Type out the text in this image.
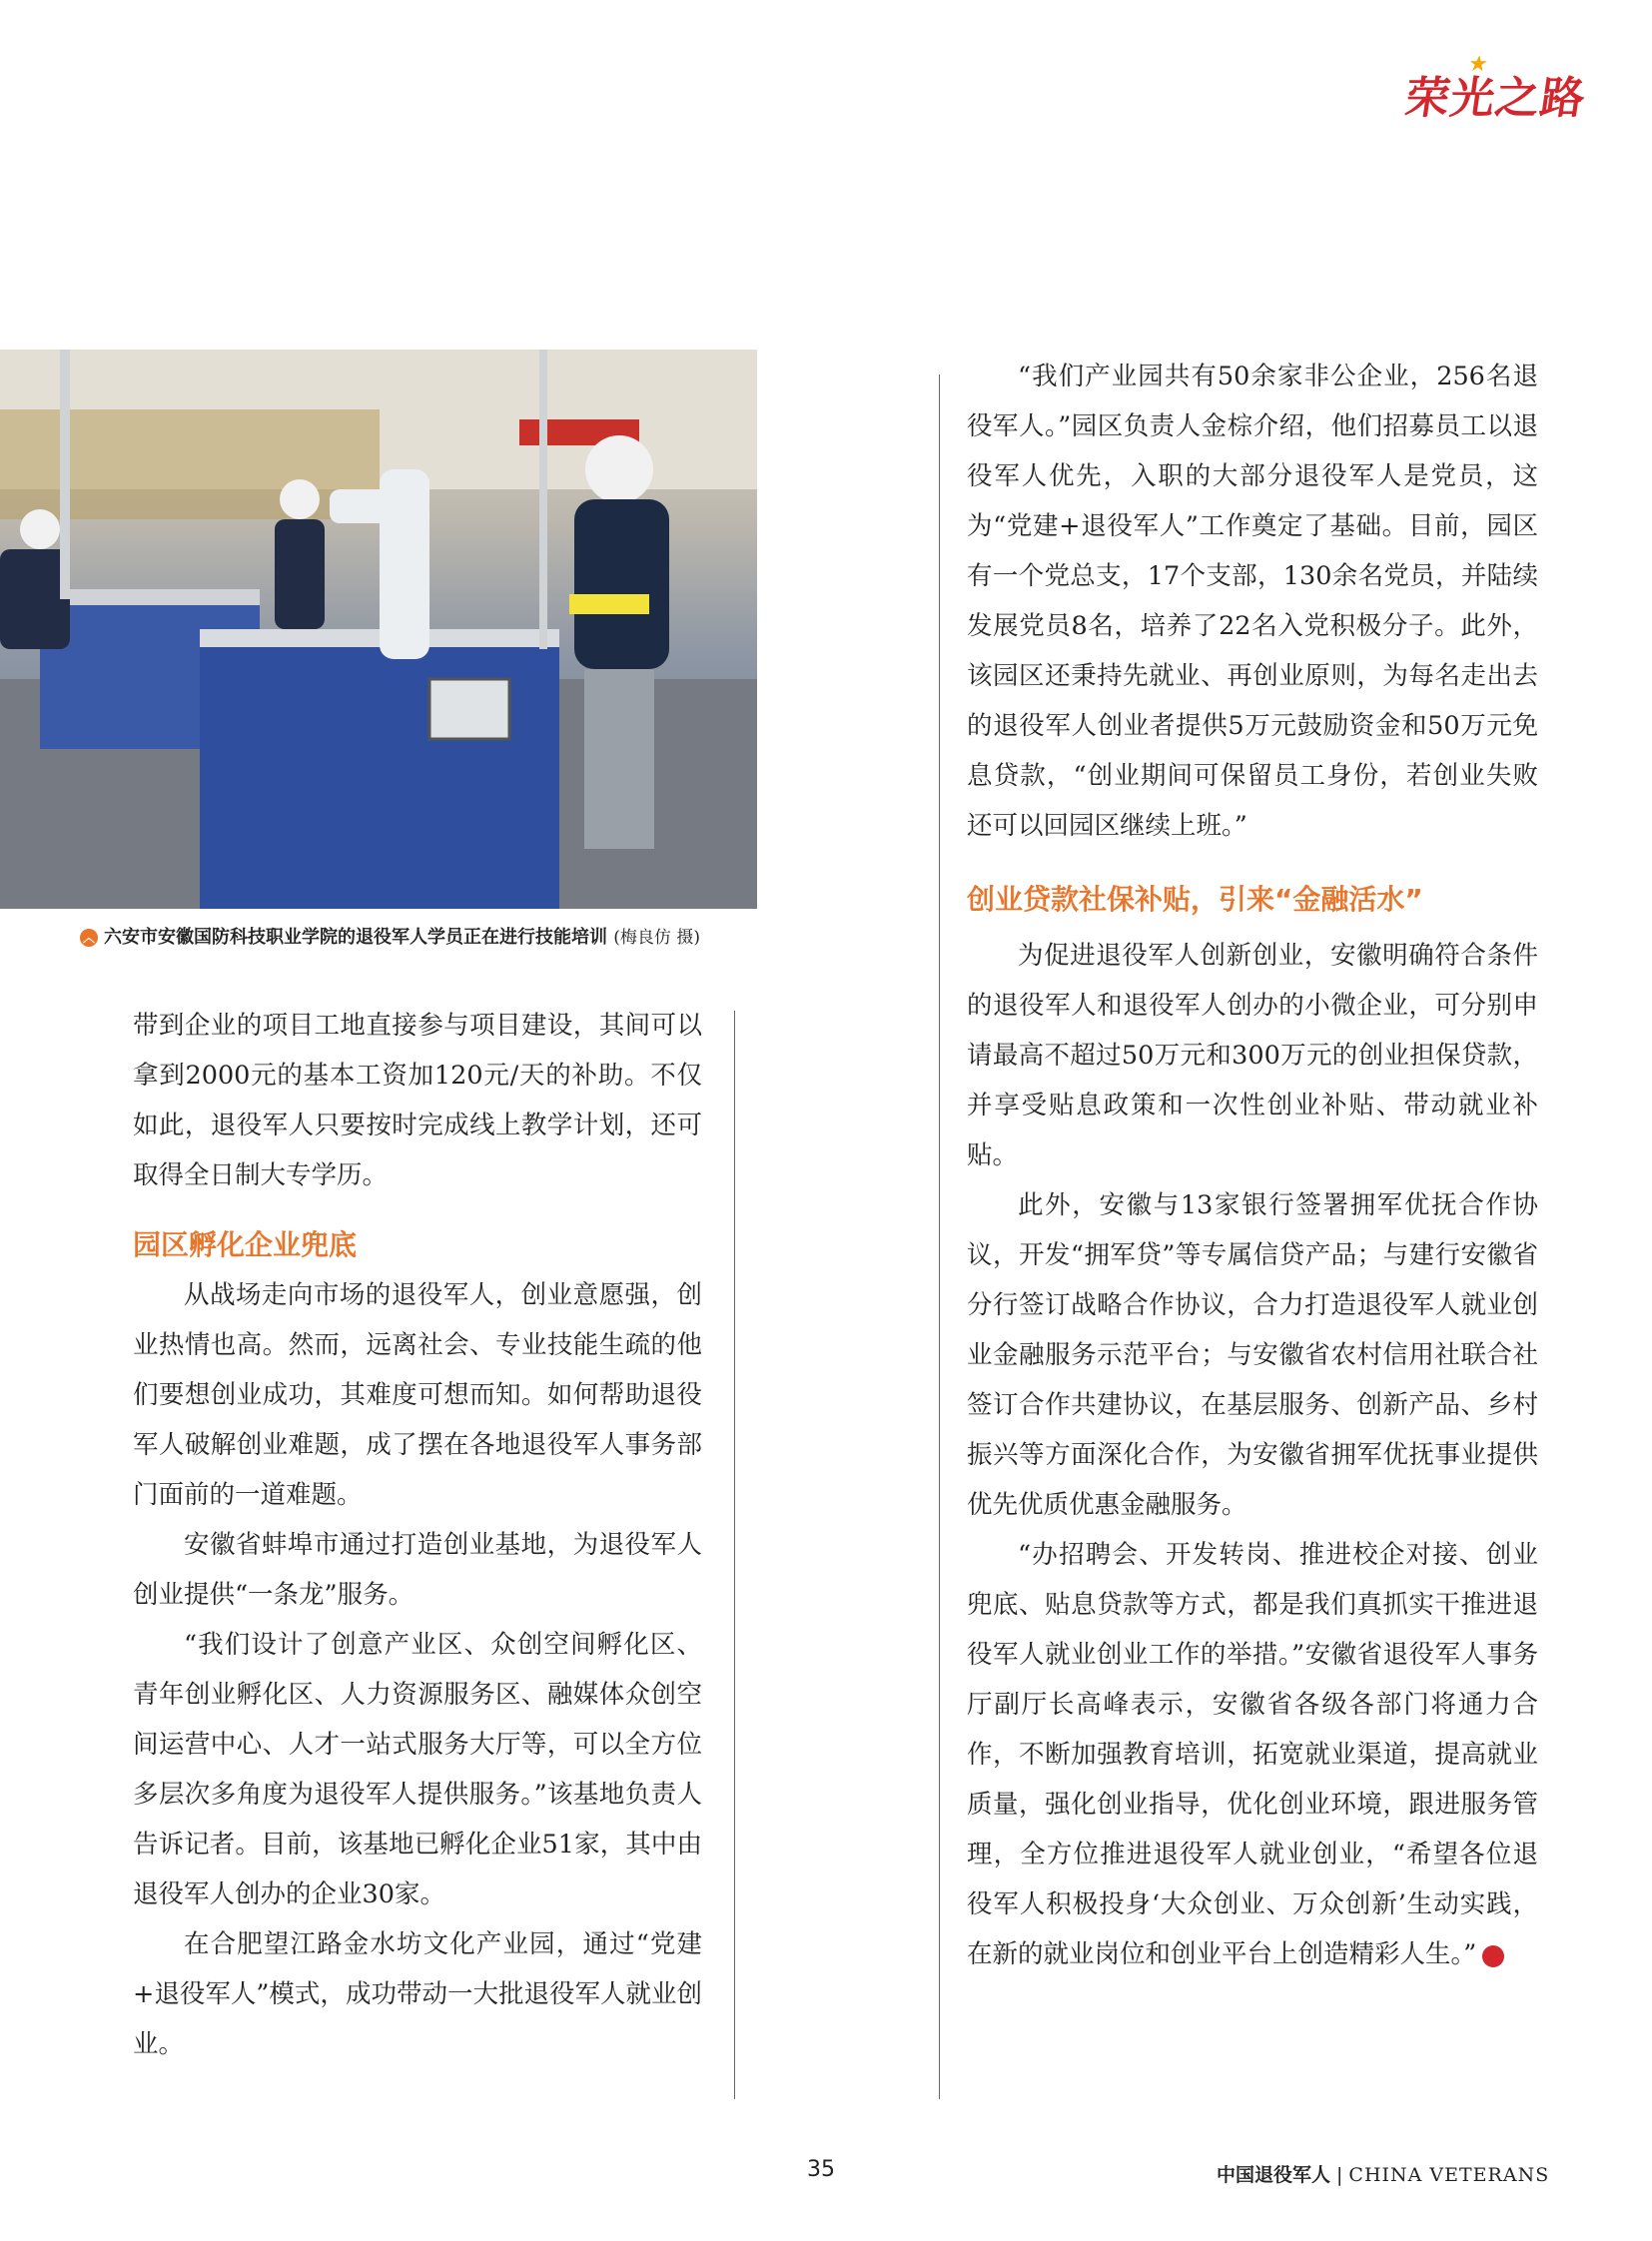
荣光之路
★
︿ 六安市安徽国防科技职业学院的退役军人学员正在进行技能培训 (梅良仿 摄)

带到企业的项目工地直接参与项目建设，其间可以拿到2000元的基本工资加120元/天的补助。不仅如此，退役军人只要按时完成线上教学计划，还可取得全日制大专学历。

园区孵化企业兜底

从战场走向市场的退役军人，创业意愿强，创业热情也高。然而，远离社会、专业技能生疏的他们要想创业成功，其难度可想而知。如何帮助退役军人破解创业难题，成了摆在各地退役军人事务部门面前的一道难题。

安徽省蚌埠市通过打造创业基地，为退役军人创业提供“一条龙”服务。

“我们设计了创意产业区、众创空间孵化区、青年创业孵化区、人力资源服务区、融媒体众创空间运营中心、人才一站式服务大厅等，可以全方位多层次多角度为退役军人提供服务。”该基地负责人告诉记者。目前，该基地已孵化企业51家，其中由退役军人创办的企业30家。

在合肥望江路金水坊文化产业园，通过“党建+退役军人”模式，成功带动一大批退役军人就业创业。

“我们产业园共有50余家非公企业，256名退役军人。”园区负责人金棕介绍，他们招募员工以退役军人优先，入职的大部分退役军人是党员，这为“党建+退役军人”工作奠定了基础。目前，园区有一个党总支，17个支部，130余名党员，并陆续发展党员8名，培养了22名入党积极分子。此外，该园区还秉持先就业、再创业原则，为每名走出去的退役军人创业者提供5万元鼓励资金和50万元免息贷款，“创业期间可保留员工身份，若创业失败还可以回园区继续上班。”

创业贷款社保补贴，引来“金融活水”

为促进退役军人创新创业，安徽明确符合条件的退役军人和退役军人创办的小微企业，可分别申请最高不超过50万元和300万元的创业担保贷款，并享受贴息政策和一次性创业补贴、带动就业补贴。

此外，安徽与13家银行签署拥军优抚合作协议，开发“拥军贷”等专属信贷产品；与建行安徽省分行签订战略合作协议，合力打造退役军人就业创业金融服务示范平台；与安徽省农村信用社联合社签订合作共建协议，在基层服务、创新产品、乡村振兴等方面深化合作，为安徽省拥军优抚事业提供优先优质优惠金融服务。

“办招聘会、开发转岗、推进校企对接、创业兜底、贴息贷款等方式，都是我们真抓实干推进退役军人就业创业工作的举措。”安徽省退役军人事务厅副厅长高峰表示，安徽省各级各部门将通力合作，不断加强教育培训，拓宽就业渠道，提高就业质量，强化创业指导，优化创业环境，跟进服务管理，全方位推进退役军人就业创业，“希望各位退役军人积极投身‘大众创业、万众创新’生动实践，在新的就业岗位和创业平台上创造精彩人生。”	V

35	中国退役军人 | CHINA VETERANS
